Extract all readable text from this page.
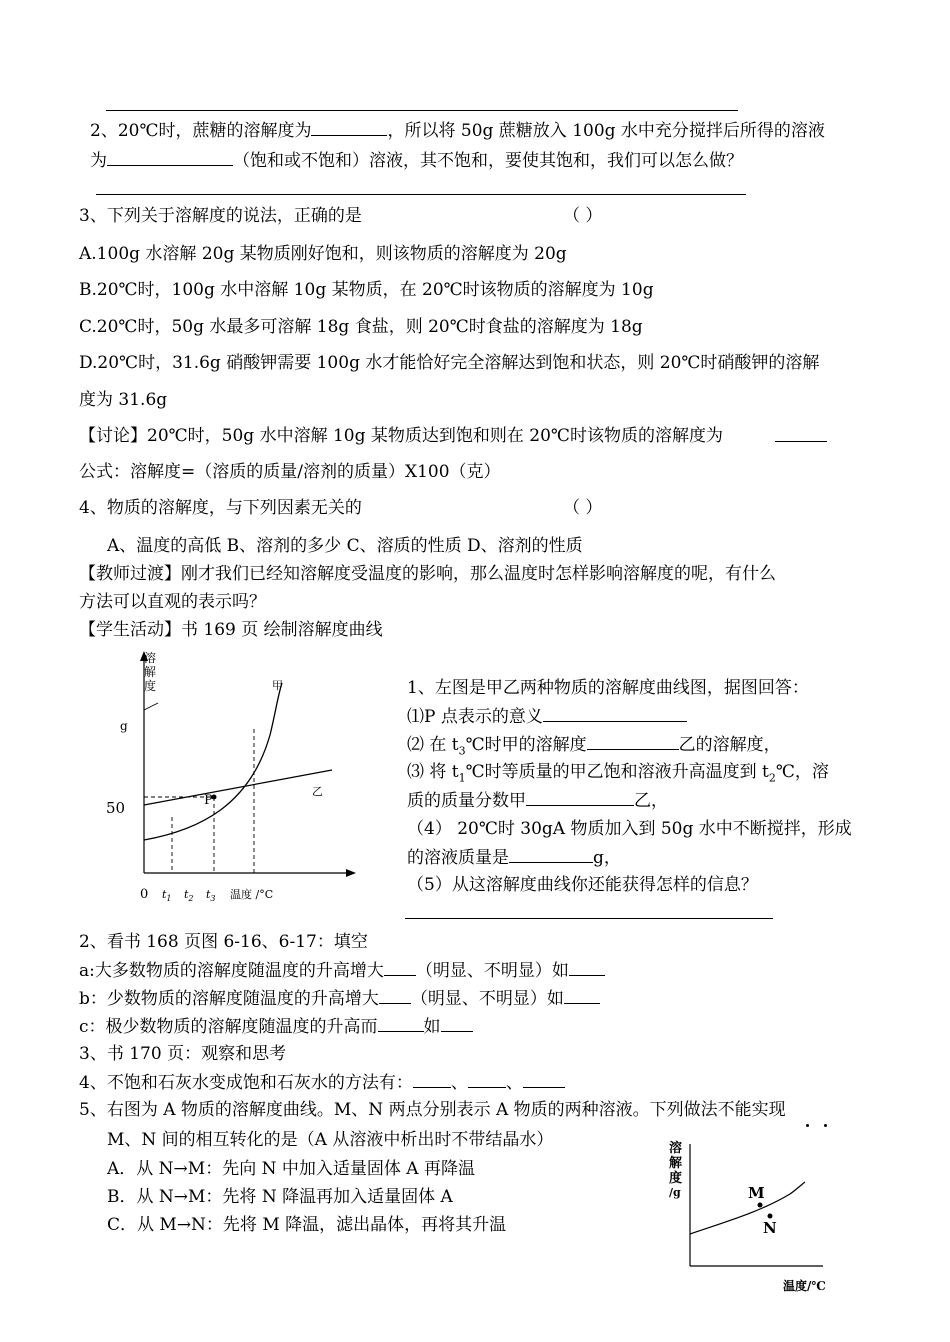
2、20℃时，蔗糖的溶解度为	，所以将 50g 蔗糖放入 100g 水中充分搅拌后所得的溶液
为	（饱和或不饱和）溶液，其不饱和，要使其饱和，我们可以怎么做？
3、下列关于溶解度的说法，正确的是	（ ）
A.100g 水溶解 20g 某物质刚好饱和，则该物质的溶解度为 20g
B.20℃时，100g 水中溶解 10g 某物质，在 20℃时该物质的溶解度为 10g
C.20℃时，50g 水最多可溶解 18g 食盐，则 20℃时食盐的溶解度为 18g
D.20℃时，31.6g 硝酸钾需要 100g 水才能恰好完全溶解达到饱和状态，则 20℃时硝酸钾的溶解
度为 31.6g
【讨论】20℃时，50g 水中溶解 10g 某物质达到饱和则在 20℃时该物质的溶解度为
公式：溶解度=（溶质的质量/溶剂的质量）X100（克）
4、物质的溶解度，与下列因素无关的	（ ）
A、温度的高低 B、溶剂的多少 C、溶质的性质 D、溶剂的性质
【教师过渡】刚才我们已经知溶解度受温度的影响，那么温度时怎样影响溶解度的呢，有什么
方法可以直观的表示吗？
【学生活动】书 169 页 绘制溶解度曲线
溶
解
度
g
甲
乙
P
50
0 $t_1$ $t_2$ $t_3$ 温度 /°C
1、左图是甲乙两种物质的溶解度曲线图，据图回答：
⑴P 点表示的意义
⑵ 在 $t_3℃$时甲的溶解度	乙的溶解度，
⑶ 将 $t_1℃$时等质量的甲乙饱和溶液升高温度到 $t_2℃$，溶
质的质量分数甲	乙，
（4） 20℃时 30gA 物质加入到 50g 水中不断搅拌，形成
的溶液质量是	g，
（5）从这溶解度曲线你还能获得怎样的信息？
2、看书 168 页图 6-16、6-17：填空
a:大多数物质的溶解度随温度的升高增大 （明显、不明显）如
b：少数物质的溶解度随温度的升高增大 （明显、不明显）如
c：极少数物质的溶解度随温度的升高而	如
3、书 170 页：观察和思考
4、不饱和石灰水变成饱和石灰水的方法有： 、 、
5、右图为 A 物质的溶解度曲线。M、N 两点分别表示 A 物质的两种溶液。下列做法不能实现
M、N 间的相互转化的是（A 从溶液中析出时不带结晶水）
A．从 N→M：先向 N 中加入适量固体 A 再降温
B．从 N→M：先将 N 降温再加入适量固体 A
C．从 M→N：先将 M 降温，滤出晶体，再将其升温
溶
解
度
/g	M
N
温度/℃
